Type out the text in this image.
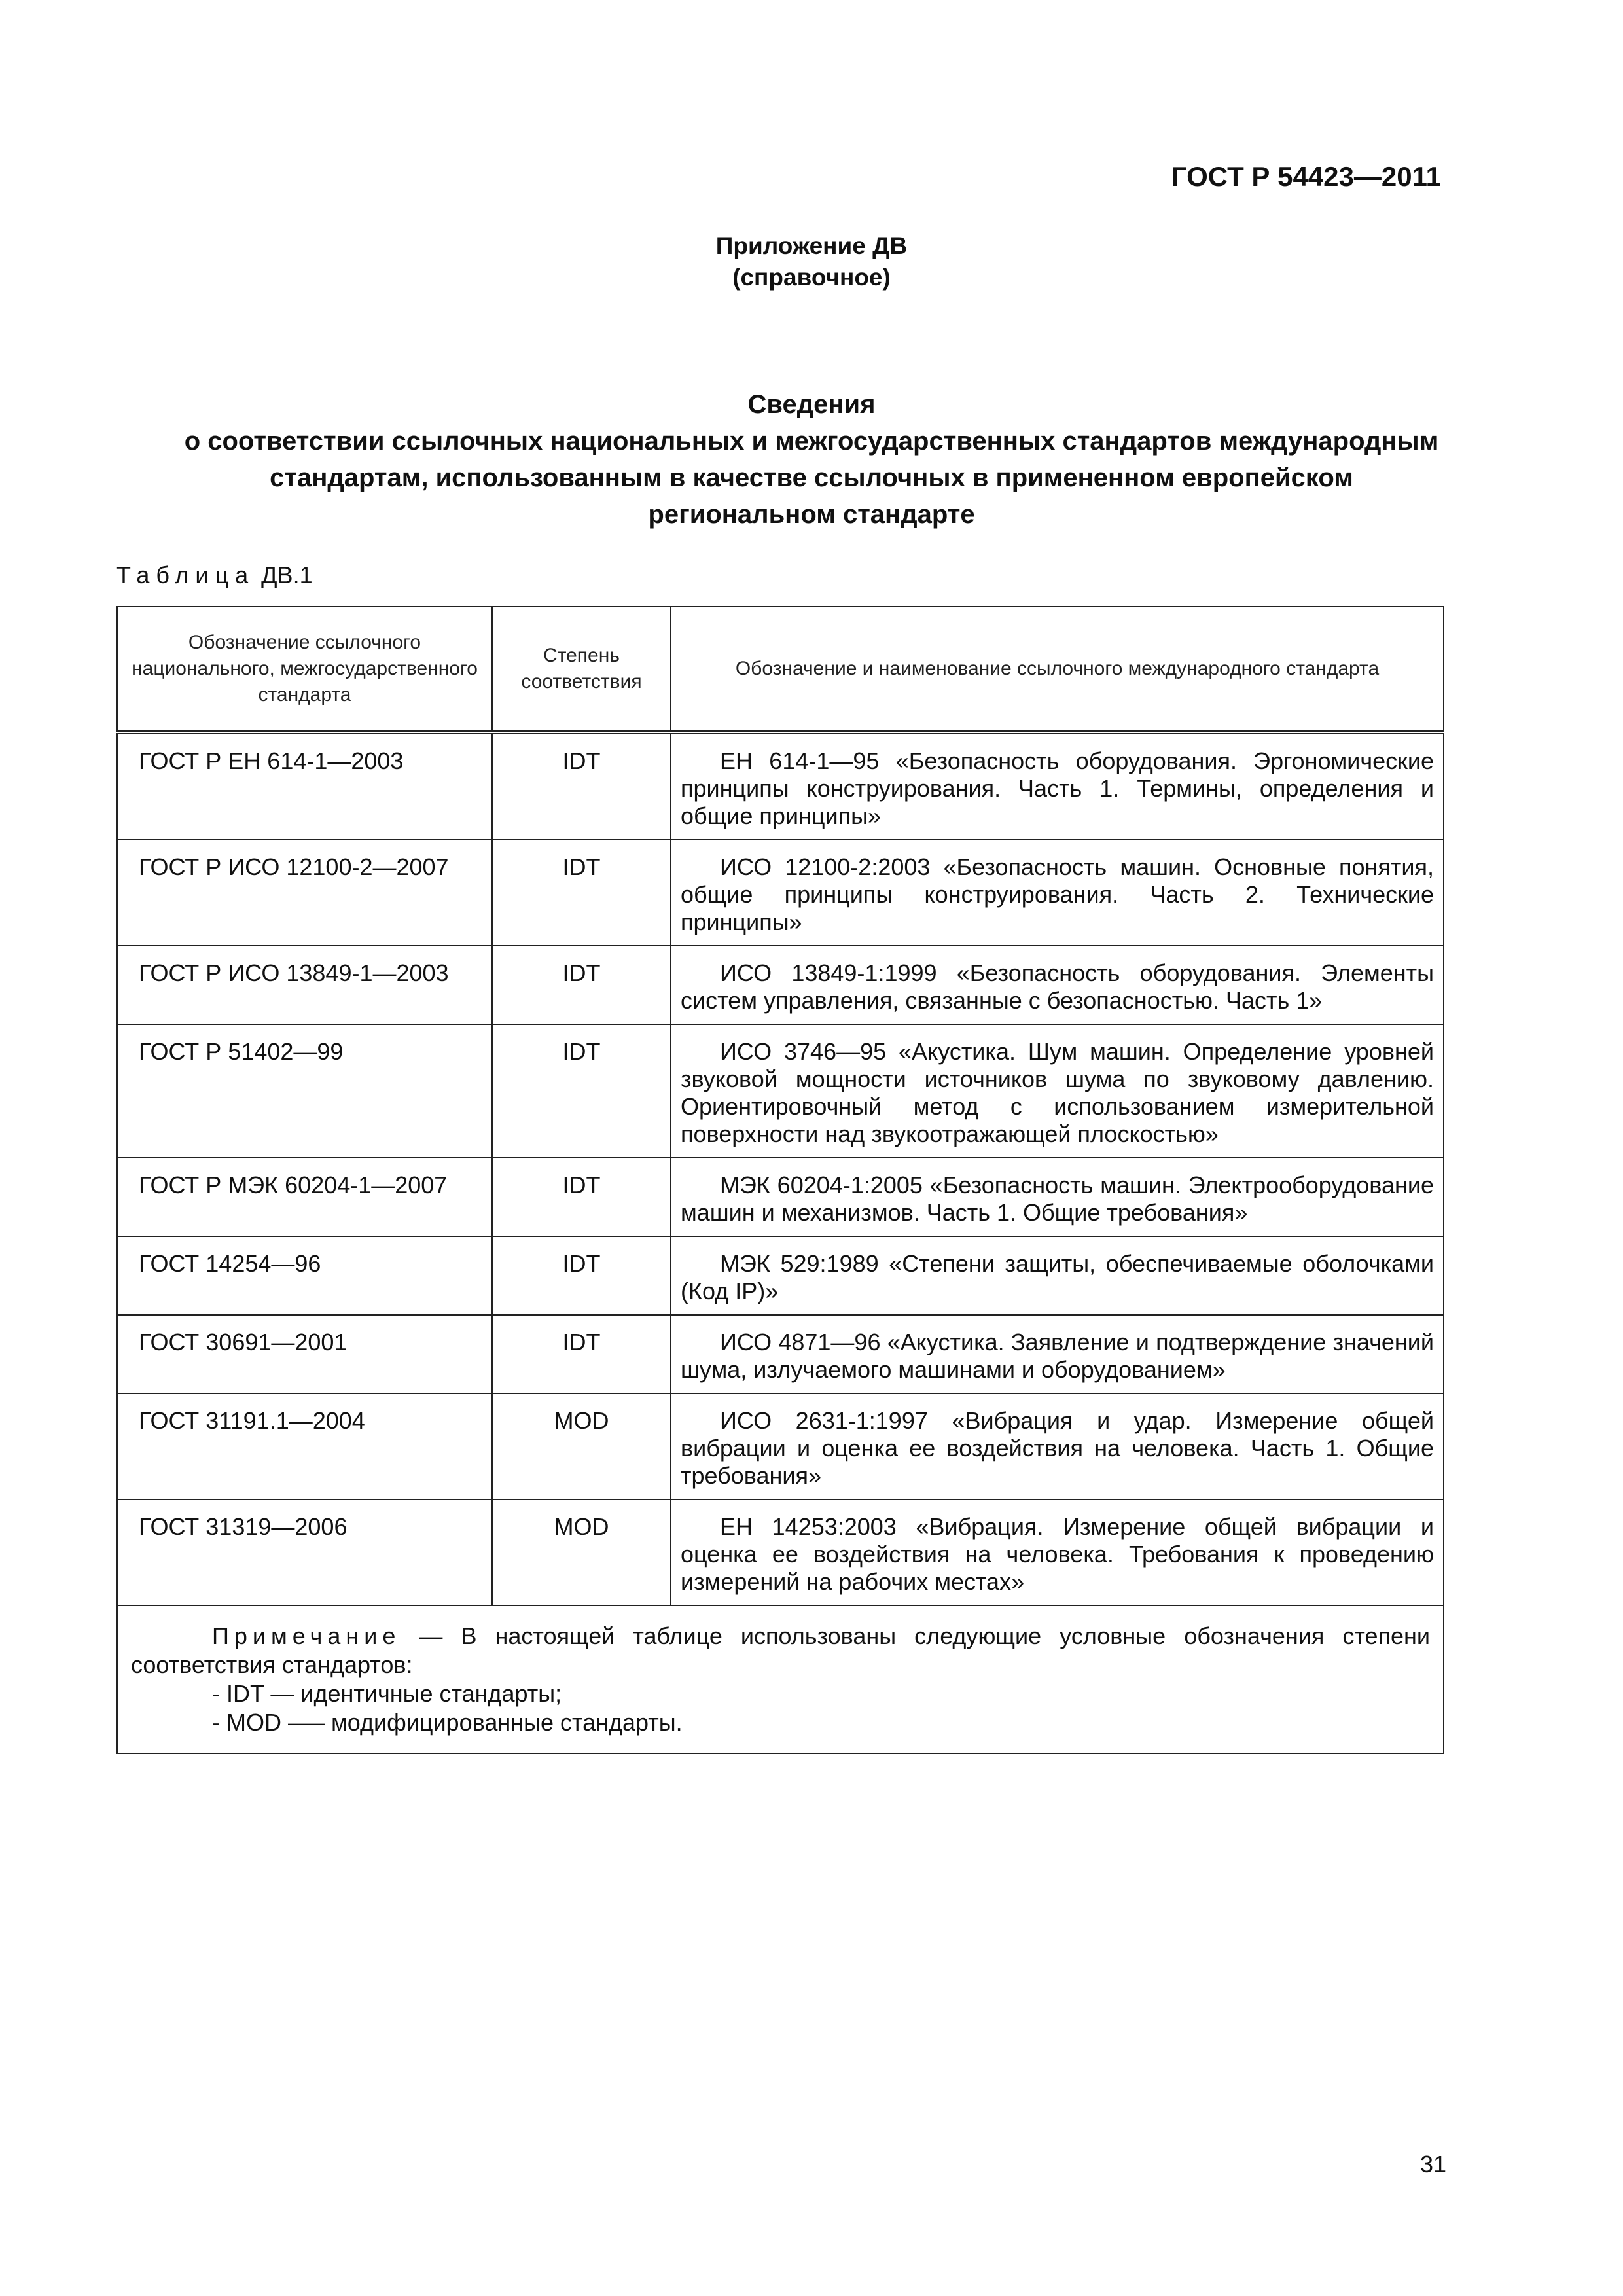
ГОСТ Р 54423—2011
Приложение ДВ
(справочное)
Сведения
о соответствии ссылочных национальных и межгосударственных стандартов международным
стандартам, использованным в качестве ссылочных в примененном европейском
региональном стандарте
Таблица ДВ.1
Обозначение ссылочного национального, межгосударственного стандарта	Степень соответствия	Обозначение и наименование ссылочного международного стандарта
ГОСТ Р ЕН 614-1—2003	IDT	ЕН 614-1—95 «Безопасность оборудования. Эргономические принципы конструирования. Часть 1. Термины, определения и общие принципы»
ГОСТ Р ИСО 12100-2—2007	IDT	ИСО 12100-2:2003 «Безопасность машин. Основные понятия, общие принципы конструирования. Часть 2. Технические принципы»
ГОСТ Р ИСО 13849-1—2003	IDT	ИСО 13849-1:1999 «Безопасность оборудования. Элементы систем управления, связанные с безопасностью. Часть 1»
ГОСТ Р 51402—99	IDT	ИСО 3746—95 «Акустика. Шум машин. Определение уровней звуковой мощности источников шума по звуковому давлению. Ориентировочный метод с использованием измерительной поверхности над звукоотражающей плоскостью»
ГОСТ Р МЭК 60204-1—2007	IDT	МЭК 60204-1:2005 «Безопасность машин. Электрооборудование машин и механизмов. Часть 1. Общие требования»
ГОСТ 14254—96	IDT	МЭК 529:1989 «Степени защиты, обеспечиваемые оболочками (Код IP)»
ГОСТ 30691—2001	IDT	ИСО 4871—96 «Акустика. Заявление и подтверждение значений шума, излучаемого машинами и оборудованием»
ГОСТ 31191.1—2004	MOD	ИСО 2631-1:1997 «Вибрация и удар. Измерение общей вибрации и оценка ее воздействия на человека. Часть 1. Общие требования»
ГОСТ 31319—2006	MOD	ЕН 14253:2003 «Вибрация. Измерение общей вибрации и оценка ее воздействия на человека. Требования к проведению измерений на рабочих местах»

Примечание — В настоящей таблице использованы следующие условные обозначения степени соответствия стандартов:

- IDT — идентичные стандарты;
- MOD —– модифицированные стандарты.		
31
